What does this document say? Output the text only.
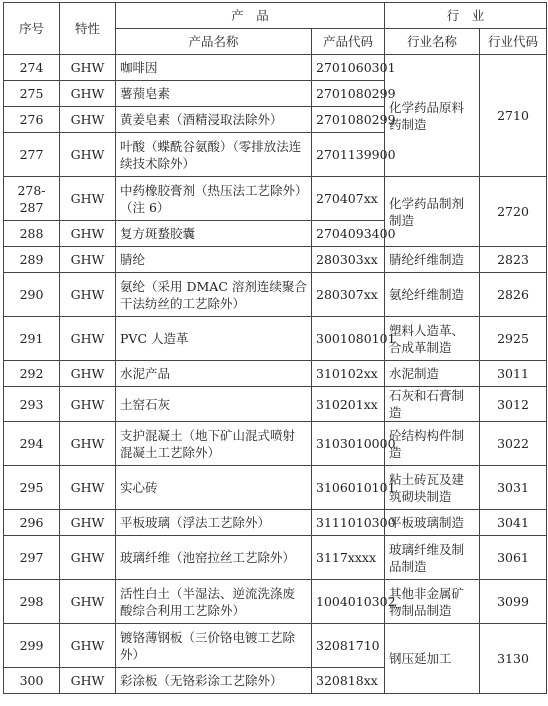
序号	特性	产　品		行　业	
		产品名称	产品代码	行业名称	行业代码
274	GHW	咖啡因	2701060301	化学药品原料药制造	2710
275	GHW	薯蓣皂素	2701080299		
276	GHW	黄姜皂素（酒精浸取法除外）	2701080299		
277	GHW	叶酸（蝶酰谷氨酸）（零排放法连续技术除外）	2701139900		
278-287	GHW	中药橡胶膏剂（热压法工艺除外）（注 6）	270407xx	化学药品制剂制造	2720
288	GHW	复方斑蝥胶囊	2704093400		
289	GHW	腈纶	280303xx	腈纶纤维制造	2823
290	GHW	氨纶（采用 DMAC 溶剂连续聚合干法纺丝的工艺除外）	280307xx	氨纶纤维制造	2826
291	GHW	PVC 人造革	3001080101	塑料人造革、合成革制造	2925
292	GHW	水泥产品	310102xx	水泥制造	3011
293	GHW	土窑石灰	310201xx	石灰和石膏制造	3012
294	GHW	支护混凝土（地下矿山混式喷射混凝土工艺除外）	3103010000	砼结构构件制造	3022
295	GHW	实心砖	3106010101	粘土砖瓦及建筑砌块制造	3031
296	GHW	平板玻璃（浮法工艺除外）	3111010300	平板玻璃制造	3041
297	GHW	玻璃纤维（池窑拉丝工艺除外）	3117xxxx	玻璃纤维及制品制造	3061
298	GHW	活性白土（半湿法、逆流洗涤废酸综合利用工艺除外）	1004010302	其他非金属矿物制品制造	3099
299	GHW	镀铬薄钢板（三价铬电镀工艺除外）	32081710	钢压延加工	3130
300	GHW	彩涂板（无铬彩涂工艺除外）	320818xx		
